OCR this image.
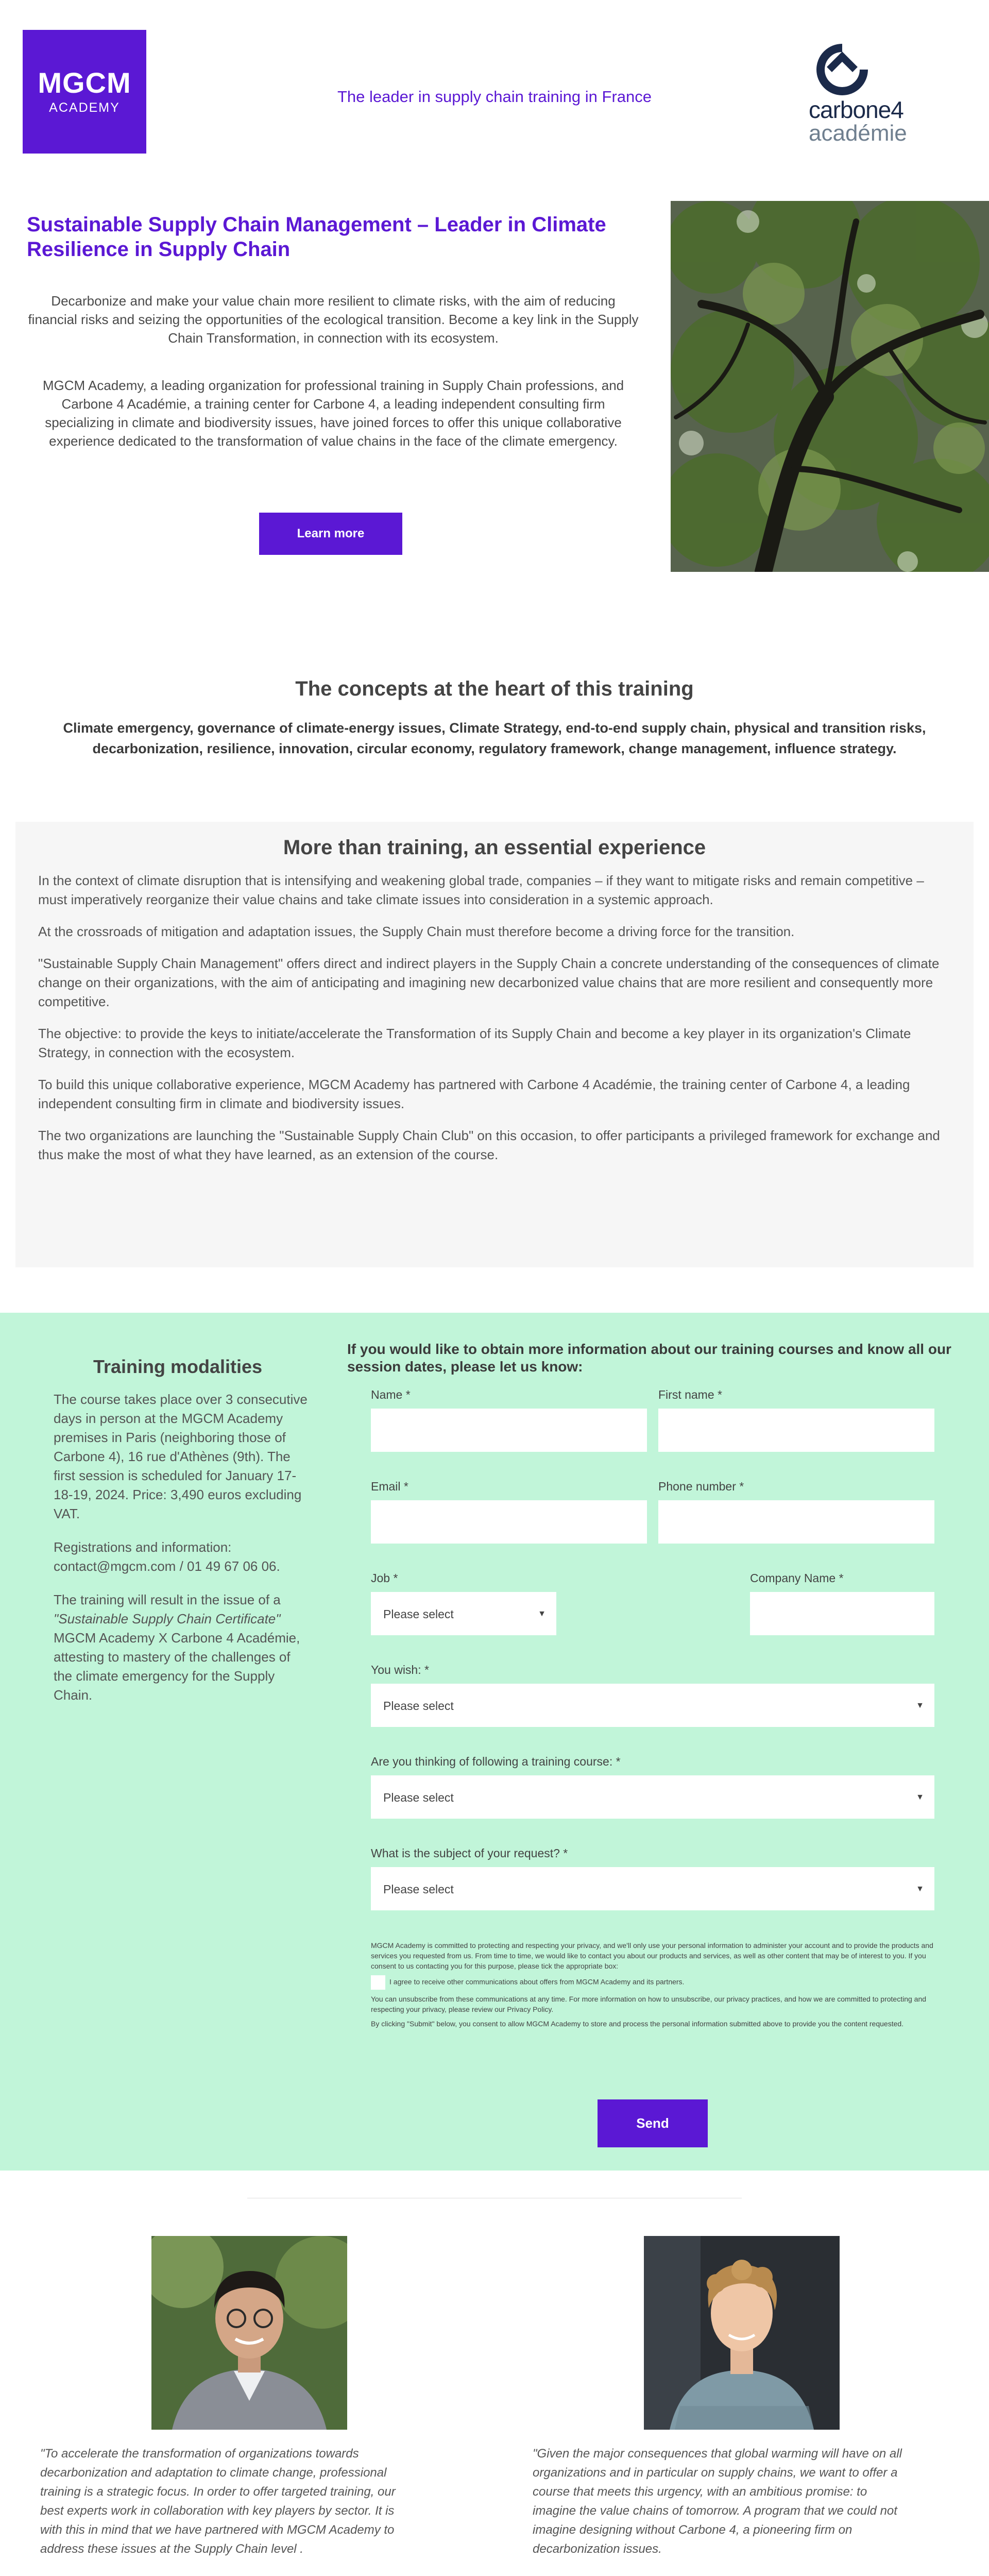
MGCM
ACADEMY
The leader in supply chain training in France	carbone4
académie
Sustainable Supply Chain Management – Leader in Climate Resilience in Supply Chain

Decarbonize and make your value chain more resilient to climate risks, with the aim of reducing financial risks and seizing the opportunities of the ecological transition. Become a key link in the Supply Chain Transformation, in connection with its ecosystem.

MGCM Academy, a leading organization for professional training in Supply Chain professions, and Carbone 4 Académie, a training center for Carbone 4, a leading independent consulting firm specializing in climate and biodiversity issues, have joined forces to offer this unique collaborative experience dedicated to the transformation of value chains in the face of the climate emergency.

Learn more
The concepts at the heart of this training

Climate emergency, governance of climate-energy issues, Climate Strategy, end-to-end supply chain, physical and transition risks, decarbonization, resilience, innovation, circular economy, regulatory framework, change management, influence strategy.

More than training, an essential experience

In the context of climate disruption that is intensifying and weakening global trade, companies – if they want to mitigate risks and remain competitive – must imperatively reorganize their value chains and take climate issues into consideration in a systemic approach.

At the crossroads of mitigation and adaptation issues, the Supply Chain must therefore become a driving force for the transition.

"Sustainable Supply Chain Management" offers direct and indirect players in the Supply Chain a concrete understanding of the consequences of climate change on their organizations, with the aim of anticipating and imagining new decarbonized value chains that are more resilient and consequently more competitive.

The objective: to provide the keys to initiate/accelerate the Transformation of its Supply Chain and become a key player in its organization's Climate Strategy, in connection with the ecosystem.

To build this unique collaborative experience, MGCM Academy has partnered with Carbone 4 Académie, the training center of Carbone 4, a leading independent consulting firm in climate and biodiversity issues.

The two organizations are launching the "Sustainable Supply Chain Club" on this occasion, to offer participants a privileged framework for exchange and thus make the most of what they have learned, as an extension of the course.

Training modalities

The course takes place over 3 consecutive days in person at the MGCM Academy premises in Paris (neighboring those of Carbone 4), 16 rue d'Athènes (9th). The first session is scheduled for January 17-18-19, 2024. Price: 3,490 euros excluding VAT.

Registrations and information: contact@mgcm.com / 01 49 67 06 06.

The training will result in the issue of a "Sustainable Supply Chain Certificate" MGCM Academy X Carbone 4 Académie, attesting to mastery of the challenges of the climate emergency for the Supply Chain.

If you would like to obtain more information about our training courses and know all our session dates, please let us know:

Name *	First name *
Email *	Phone number *
Job *
Please select	▼
Company Name *
You wish: *
Please select	▼
Are you thinking of following a training course: *
Please select	▼
What is the subject of your request? *
Please select	▼

MGCM Academy is committed to protecting and respecting your privacy, and we'll only use your personal information to administer your account and to provide the products and services you requested from us. From time to time, we would like to contact you about our products and services, as well as other content that may be of interest to you. If you consent to us contacting you for this purpose, please tick the appropriate box:

I agree to receive other communications about offers from MGCM Academy and its partners.

You can unsubscribe from these communications at any time. For more information on how to unsubscribe, our privacy practices, and how we are committed to protecting and respecting your privacy, please review our Privacy Policy.

By clicking "Submit" below, you consent to allow MGCM Academy to store and process the personal information submitted above to provide you the content requested.

Send

"To accelerate the transformation of organizations towards decarbonization and adaptation to climate change, professional training is a strategic focus. In order to offer targeted training, our best experts work in collaboration with key players by sector. It is with this in mind that we have partnered with MGCM Academy to address these issues at the Supply Chain level .

"Given the major consequences that global warming will have on all organizations and in particular on supply chains, we want to offer a course that meets this urgency, with an ambitious promise: to imagine the value chains of tomorrow. A program that we could not imagine designing without Carbone 4, a pioneering firm on decarbonization issues.
